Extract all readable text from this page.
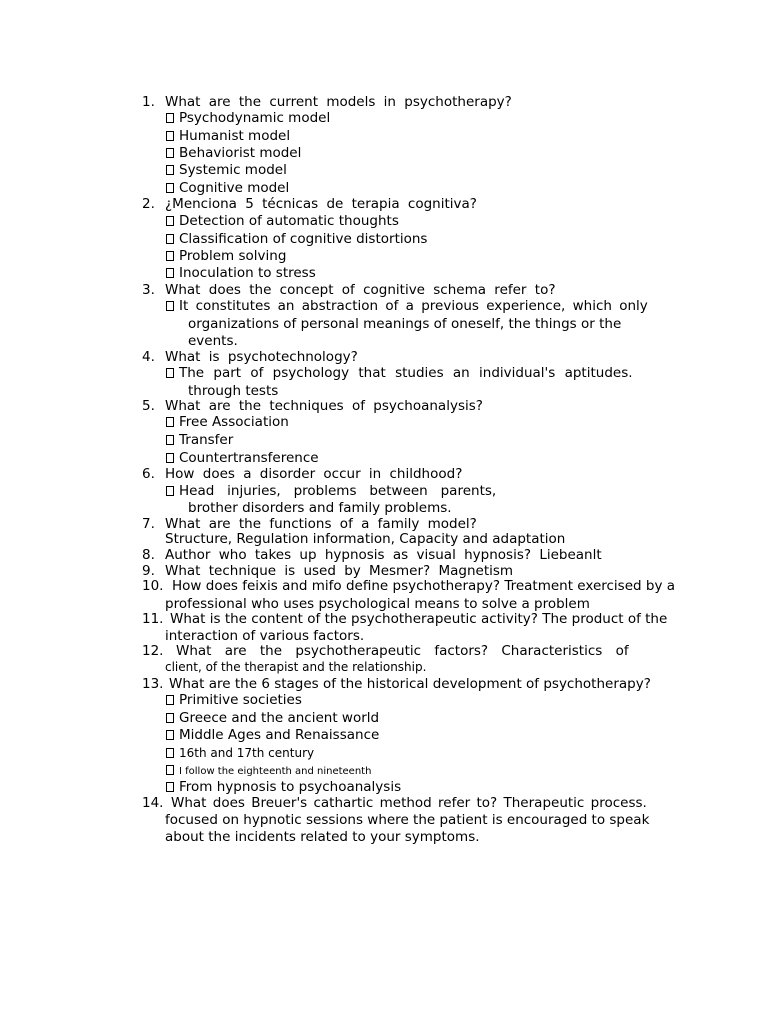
1. What are the current models in psychotherapy?
Psychodynamic model
Humanist model
Behaviorist model
Systemic model
Cognitive model
2. ¿Menciona 5 técnicas de terapia cognitiva?
Detection of automatic thoughts
Classification of cognitive distortions
Problem solving
Inoculation to stress
3. What does the concept of cognitive schema refer to?
It constitutes an abstraction of a previous experience, which only
organizations of personal meanings of oneself, the things or the
events.
4. What is psychotechnology?
The part of psychology that studies an individual's aptitudes.
through tests
5. What are the techniques of psychoanalysis?
Free Association
Transfer
Countertransference
6. How does a disorder occur in childhood?
Head   injuries,   problems   between   parents,
brother disorders and family problems.
7. What are the functions of a family model?
Structure, Regulation information, Capacity and adaptation
8. Author who takes up hypnosis as visual hypnosis? Liebeanlt
9. What technique is used by Mesmer? Magnetism
10. How does feixis and mifo define psychotherapy? Treatment exercised by a
professional who uses psychological means to solve a problem
11. What is the content of the psychotherapeutic activity? The product of the
interaction of various factors.
12. What are the psychotherapeutic factors? Characteristics of
client, of the therapist and the relationship.
13. What are the 6 stages of the historical development of psychotherapy?
Primitive societies
Greece and the ancient world
Middle Ages and Renaissance
16th and 17th century
I follow the eighteenth and nineteenth
From hypnosis to psychoanalysis
14. What does Breuer's cathartic method refer to? Therapeutic process.
focused on hypnotic sessions where the patient is encouraged to speak
about the incidents related to your symptoms.
